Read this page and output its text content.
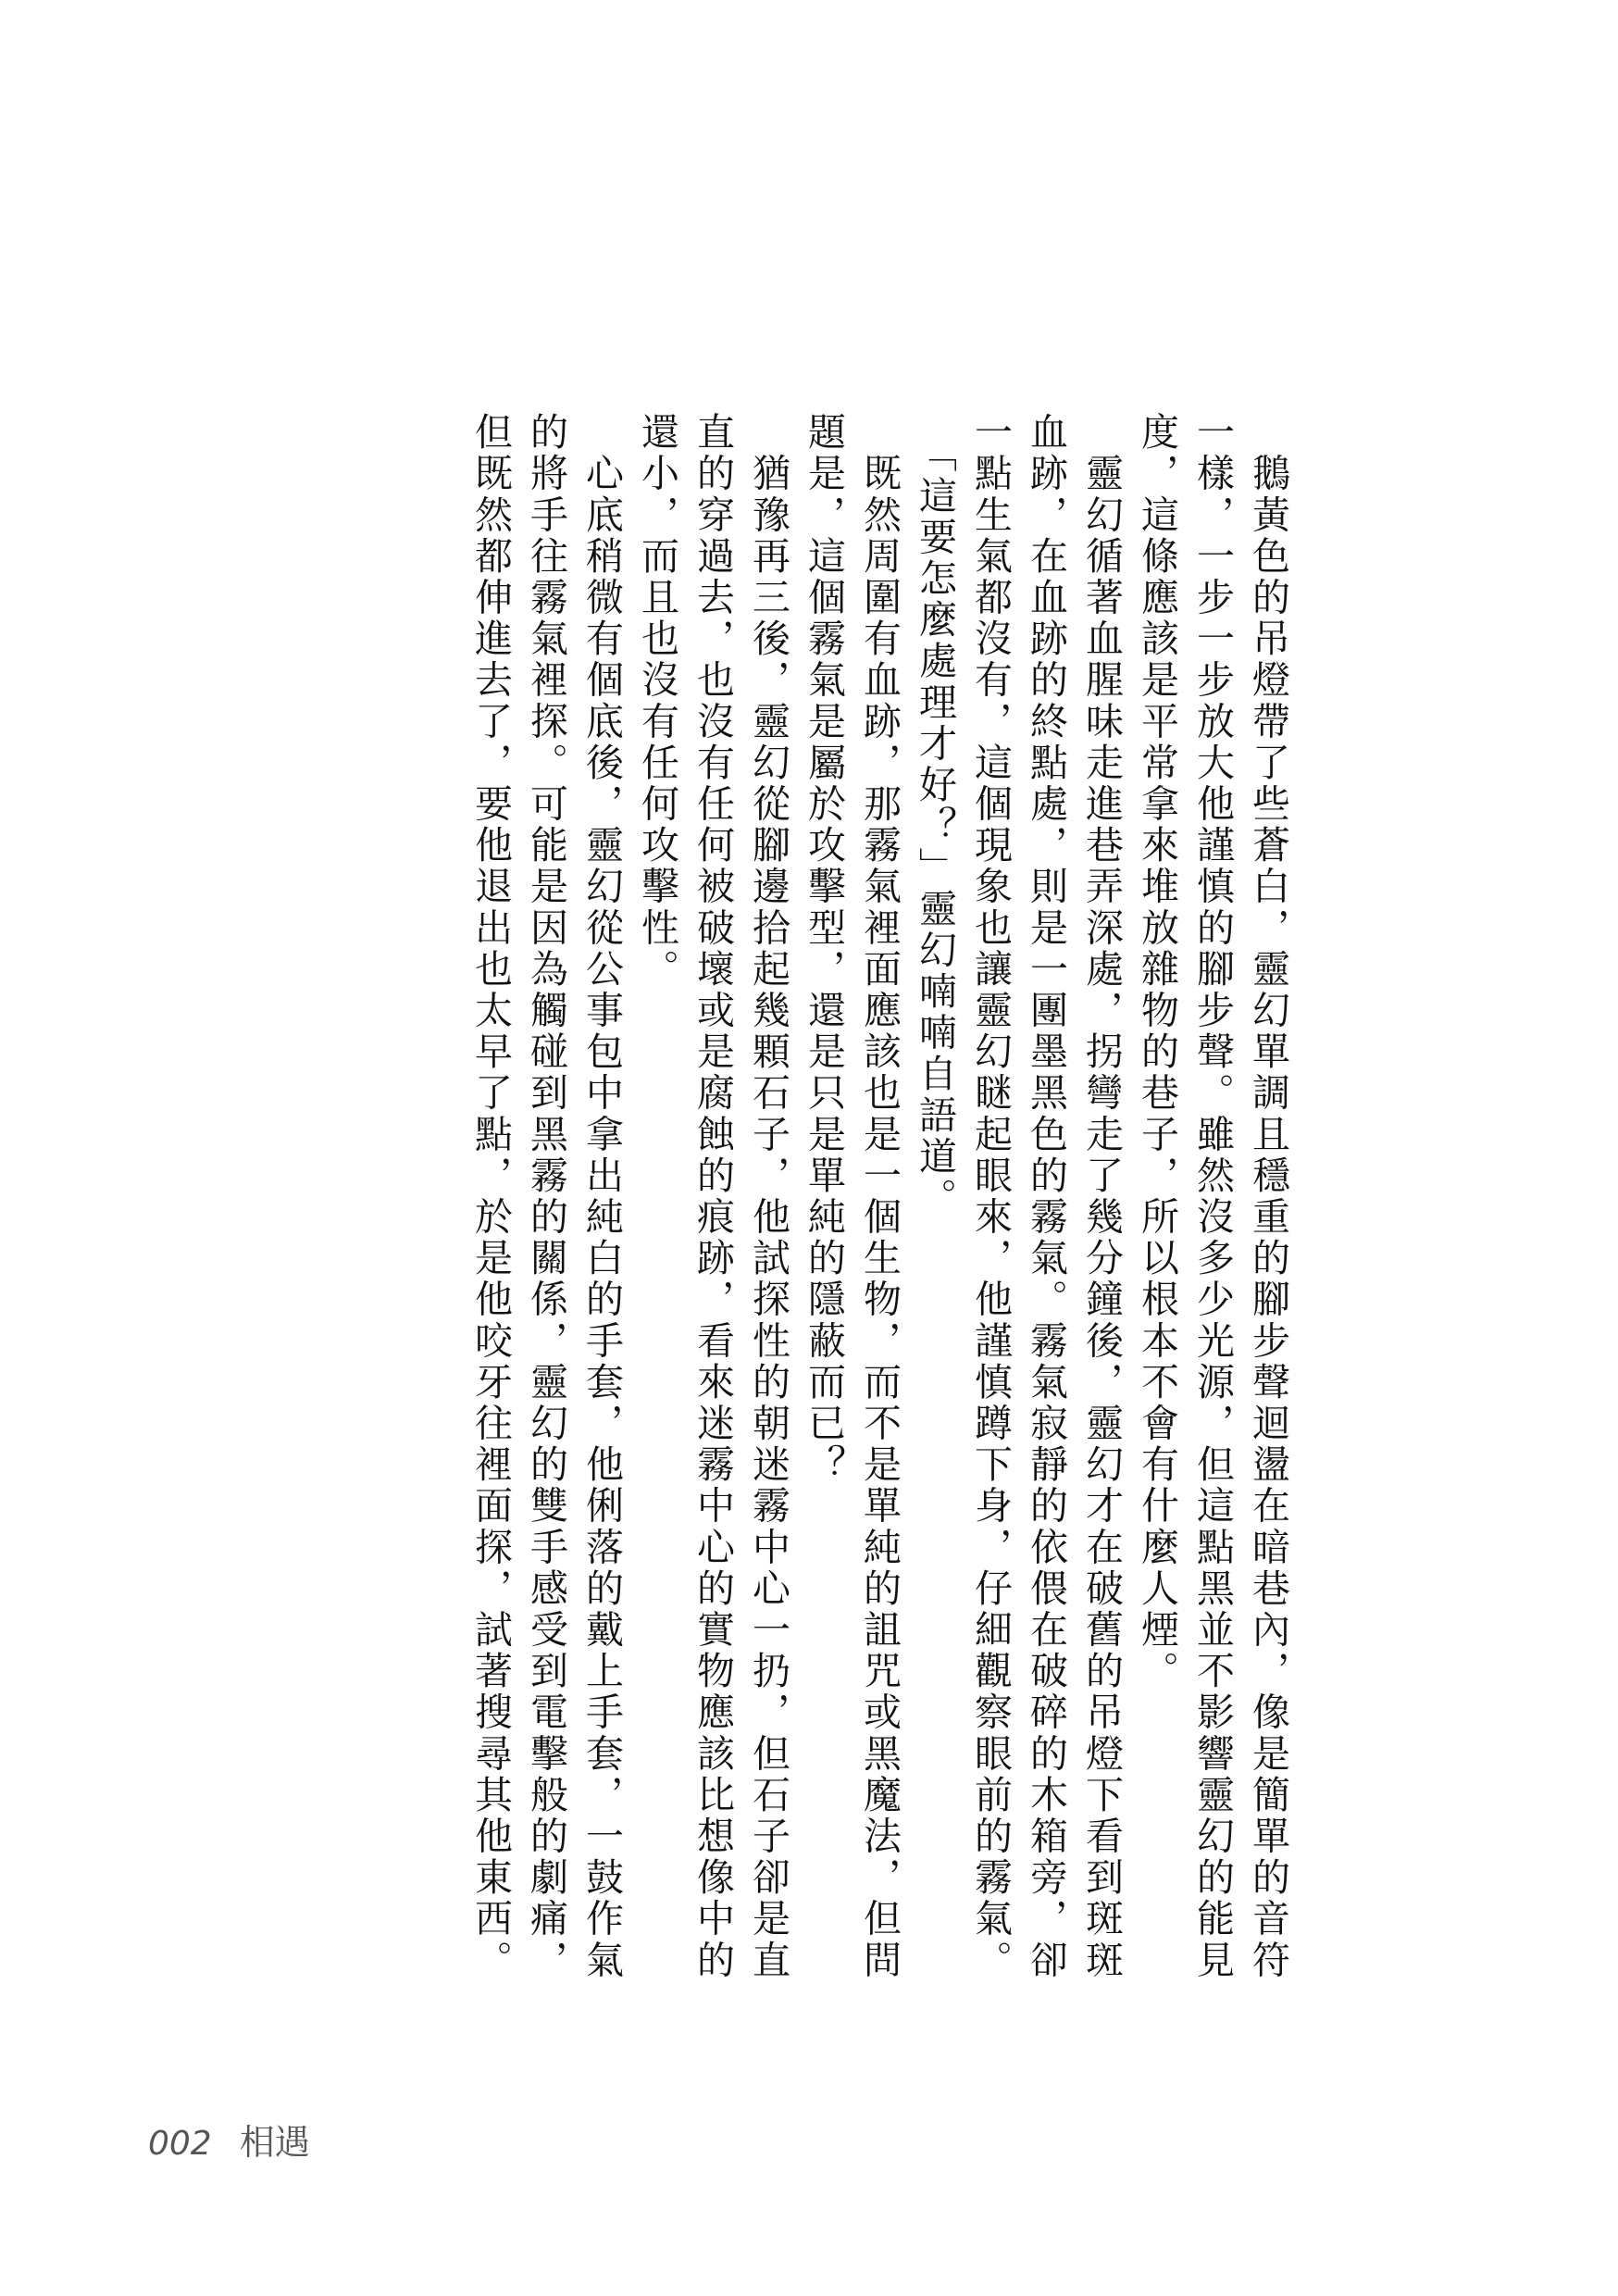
　鵝黃色的吊燈帶了些蒼白，靈幻單調且穩重的腳步聲迴盪在暗巷內，像是簡單的音符一樣，一步一步放大他謹慎的腳步聲。雖然沒多少光源，但這點黑並不影響靈幻的能見度，這條應該是平常拿來堆放雜物的巷子，所以根本不會有什麼人煙。

　靈幻循著血腥味走進巷弄深處，拐彎走了幾分鐘後，靈幻才在破舊的吊燈下看到斑斑血跡，在血跡的終點處，則是一團墨黑色的霧氣。霧氣寂靜的依偎在破碎的木箱旁，卻一點生氣都沒有，這個現象也讓靈幻瞇起眼來，他謹慎蹲下身，仔細觀察眼前的霧氣。

　「這要怎麼處理才好？」靈幻喃喃自語道。

　既然周圍有血跡，那霧氣裡面應該也是一個生物，而不是單純的詛咒或黑魔法，但問題是，這個霧氣是屬於攻擊型，還是只是單純的隱蔽而已？

　猶豫再三後，靈幻從腳邊拾起幾顆石子，他試探性的朝迷霧中心一扔，但石子卻是直直的穿過去，也沒有任何被破壞或是腐蝕的痕跡，看來迷霧中心的實物應該比想像中的還小，而且也沒有任何攻擊性。

　心底稍微有個底後，靈幻從公事包中拿出純白的手套，他俐落的戴上手套，一鼓作氣的將手往霧氣裡探。可能是因為觸碰到黑霧的關係，靈幻的雙手感受到電擊般的劇痛，但既然都伸進去了，要他退出也太早了點，於是他咬牙往裡面探，試著搜尋其他東西。

002 相遇
